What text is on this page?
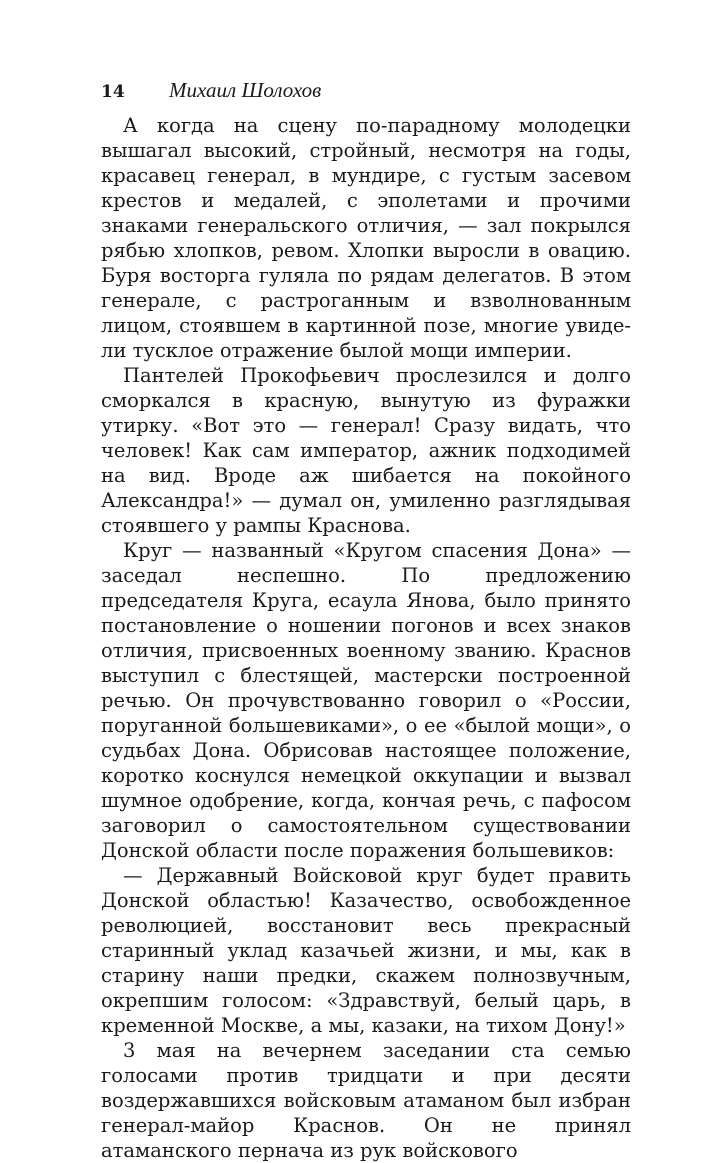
14 Михаил Шолохов

А когда на сцену по-парадному молодецки вышагал высокий, стройный, несмотря на годы, красавец генерал, в мундире, с густым засевом крестов и медалей, с эполетами и прочими знаками генеральского отличия, — зал покрылся рябью хлопков, ревом. Хлопки выросли в овацию. Буря восторга гуляла по рядам делегатов. В этом генерале, с растроганным и взволнованным лицом, стоявшем в картинной позе, многие увидели тусклое отражение былой мощи империи.

Пантелей Прокофьевич прослезился и долго сморкался в красную, вынутую из фуражки утирку. «Вот это — генерал! Сразу видать, что человек! Как сам император, ажник подходимей на вид. Вроде аж шибается на покойного Александра!» — думал он, умиленно разглядывая стоявшего у рампы Краснова.

Круг — названный «Кругом спасения Дона» — заседал неспешно. По предложению председателя Круга, есаула Янова, было принято постановление о ношении погонов и всех знаков отличия, присвоенных военному званию. Краснов выступил с блестящей, мастерски построенной речью. Он прочувствованно говорил о «России, поруганной большевиками», о ее «былой мощи», о судьбах Дона. Обрисовав настоящее положение, коротко коснулся немецкой оккупации и вызвал шумное одобрение, когда, кончая речь, с пафосом заговорил о самостоятельном существовании Донской области после поражения большевиков:

— Державный Войсковой круг будет править Донской областью! Казачество, освобожденное революцией, восстановит весь прекрасный старинный уклад казачьей жизни, и мы, как в старину наши предки, скажем полнозвучным, окрепшим голосом: «Здравствуй, белый царь, в кременной Москве, а мы, казаки, на тихом Дону!»

3 мая на вечернем заседании ста семью голосами против тридцати и при десяти воздержавшихся войсковым атаманом был избран генерал-майор Краснов. Он не принял атаманского пернача из рук войскового
